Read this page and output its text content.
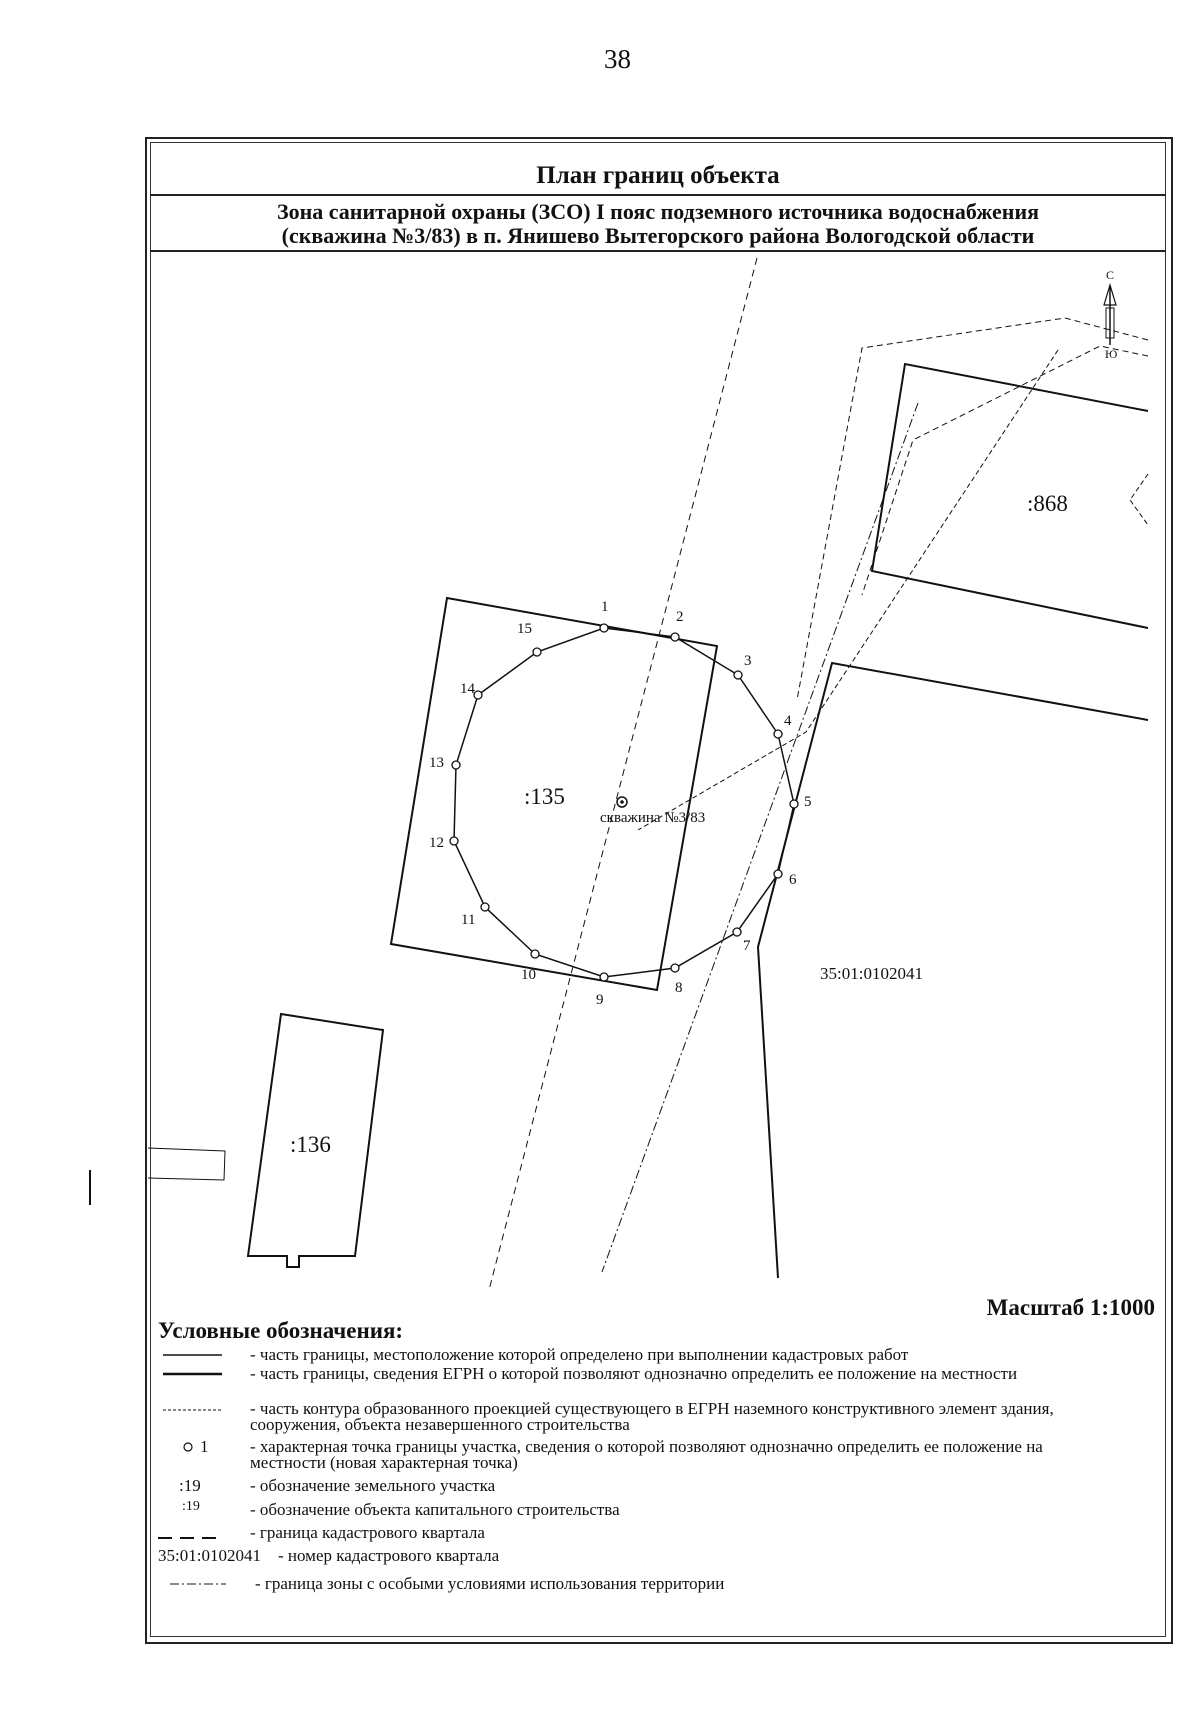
38
План границ объекта
Зона санитарной охраны (ЗСО) I пояс подземного источника водоснабжения
(скважина №3/83) в п. Янишево Вытегорского района Вологодской области
1
2
3
4
5
6
7
8
9
10
11
12
13
14
15
скважина №3/83
:868
:135
:136
35:01:0102041
С
Ю
Масштаб 1:1000
Условные обозначения:
- часть границы, местоположение которой определено при выполнении кадастровых работ
- часть границы, сведения ЕГРН о которой позволяют однозначно определить ее положение на местности
- часть контура образованного проекцией существующего в ЕГРН наземного конструктивного элемент здания, сооружения, объекта незавершенного строительства
1	- характерная точка границы участка, сведения о которой позволяют однозначно определить ее положение на местности (новая характерная точка)
:19	- обозначение земельного участка
:19	- обозначение объекта капитального строительства
- граница кадастрового квартала
35:01:0102041	- номер кадастрового квартала
- граница зоны с особыми условиями использования территории
